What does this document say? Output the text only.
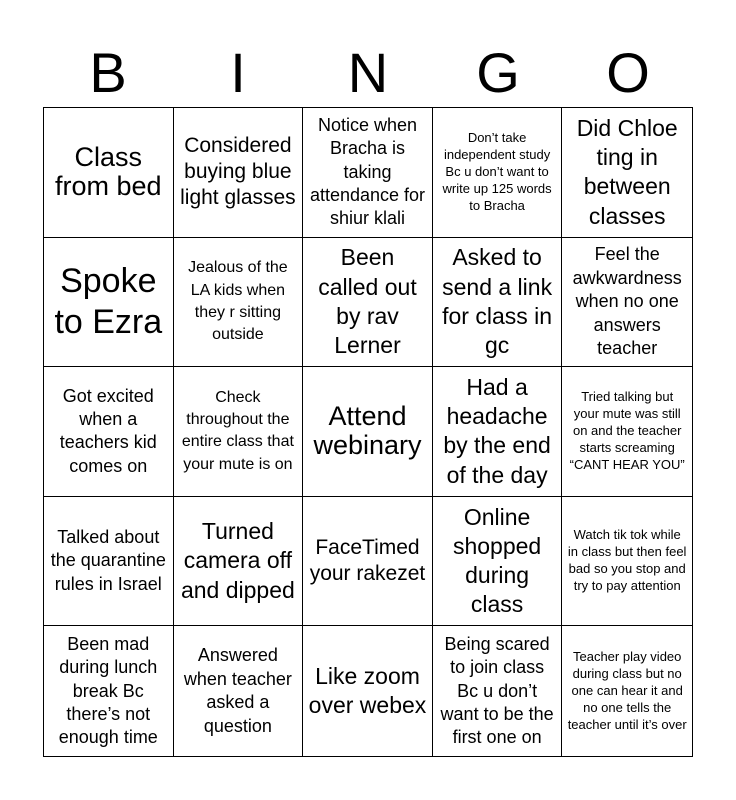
B	I	N	G	O
Class from bed
Considered buying blue light glasses
Notice when Bracha is taking attendance for shiur klali
Don’t take independent study Bc u don’t want to write up 125 words to Bracha
Did Chloe ting in between classes
Spoke to Ezra
Jealous of the LA kids when they r sitting outside
Been called out by rav Lerner
Asked to send a link for class in gc
Feel the awkwardness when no one answers teacher
Got excited when a teachers kid comes on
Check throughout the entire class that your mute is on
Attend webinary
Had a headache by the end of the day
Tried talking but your mute was still on and the teacher starts screaming “CANT HEAR YOU”
Talked about the quarantine rules in Israel
Turned camera off and dipped
FaceTimed your rakezet
Online shopped during class
Watch tik tok while in class but then feel bad so you stop and try to pay attention
Been mad during lunch break Bc there’s not enough time
Answered when teacher asked a question
Like zoom over webex
Being scared to join class Bc u don’t want to be the first one on
Teacher play video during class but no one can hear it and no one tells the teacher until it’s over
